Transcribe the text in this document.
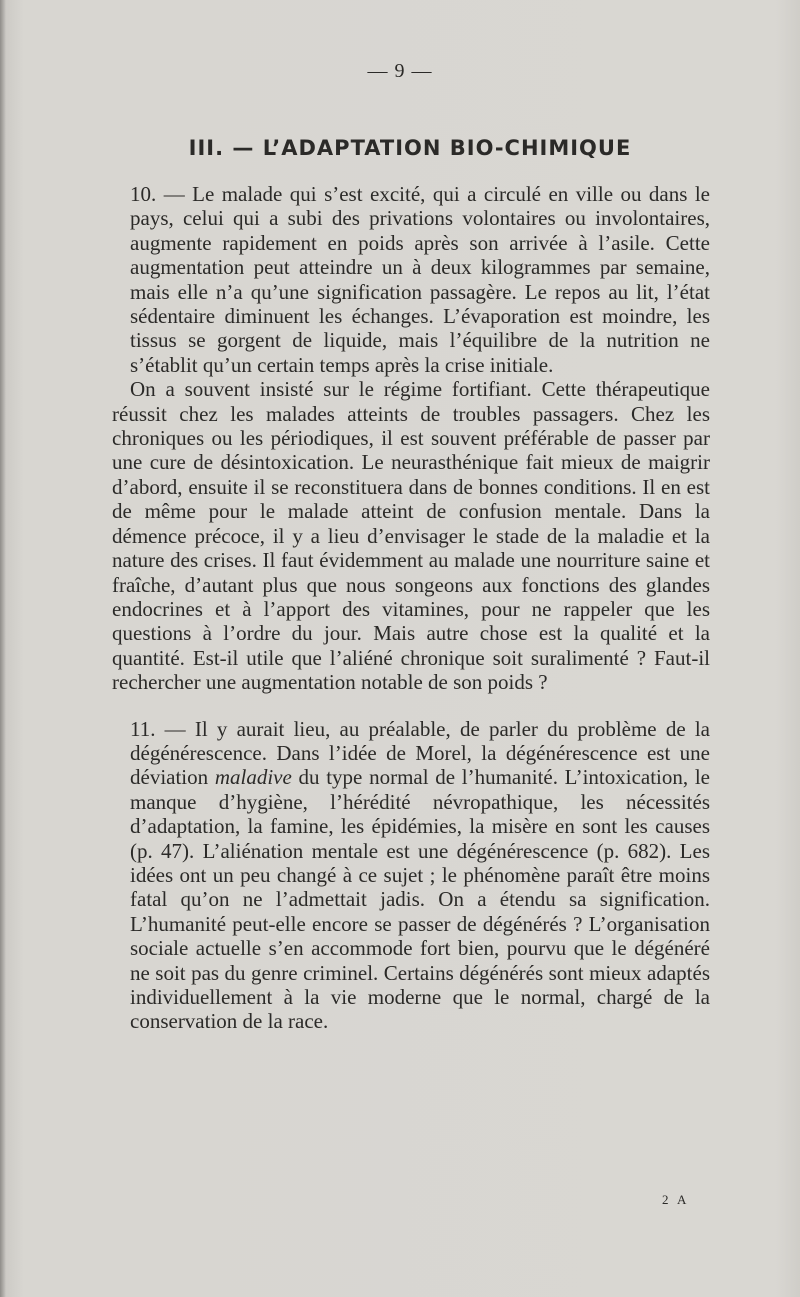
— 9 —
III. — L’ADAPTATION BIO-CHIMIQUE

10. — Le malade qui s’est excité, qui a circulé en ville ou dans le pays, celui qui a subi des privations volontaires ou involontaires, augmente rapidement en poids après son arrivée à l’asile. Cette augmentation peut atteindre un à deux kilogrammes par semaine, mais elle n’a qu’une signification passagère. Le repos au lit, l’état sédentaire diminuent les échanges. L’évaporation est moindre, les tissus se gorgent de liquide, mais l’équilibre de la nutrition ne s’établit qu’un certain temps après la crise initiale.

On a souvent insisté sur le régime fortifiant. Cette thérapeutique réussit chez les malades atteints de troubles passagers. Chez les chroniques ou les périodiques, il est souvent préférable de passer par une cure de désintoxication. Le neurasthénique fait mieux de maigrir d’abord, ensuite il se reconstituera dans de bonnes conditions. Il en est de même pour le malade atteint de confusion mentale. Dans la démence précoce, il y a lieu d’envisager le stade de la maladie et la nature des crises. Il faut évidemment au malade une nourriture saine et fraîche, d’autant plus que nous songeons aux fonctions des glandes endocrines et à l’apport des vitamines, pour ne rappeler que les questions à l’ordre du jour. Mais autre chose est la qualité et la quantité. Est-il utile que l’aliéné chronique soit suralimenté ? Faut-il rechercher une augmentation notable de son poids ?

11. — Il y aurait lieu, au préalable, de parler du problème de la dégénérescence. Dans l’idée de Morel, la dégénérescence est une déviation maladive du type normal de l’humanité. L’intoxication, le manque d’hygiène, l’hérédité névropathique, les nécessités d’adaptation, la famine, les épidémies, la misère en sont les causes (p. 47). L’aliénation mentale est une dégénérescence (p. 682). Les idées ont un peu changé à ce sujet ; le phénomène paraît être moins fatal qu’on ne l’admettait jadis. On a étendu sa signification. L’humanité peut-elle encore se passer de dégénérés ? L’organisation sociale actuelle s’en accommode fort bien, pourvu que le dégénéré ne soit pas du genre criminel. Certains dégénérés sont mieux adaptés individuellement à la vie moderne que le normal, chargé de la conservation de la race.

2 A
